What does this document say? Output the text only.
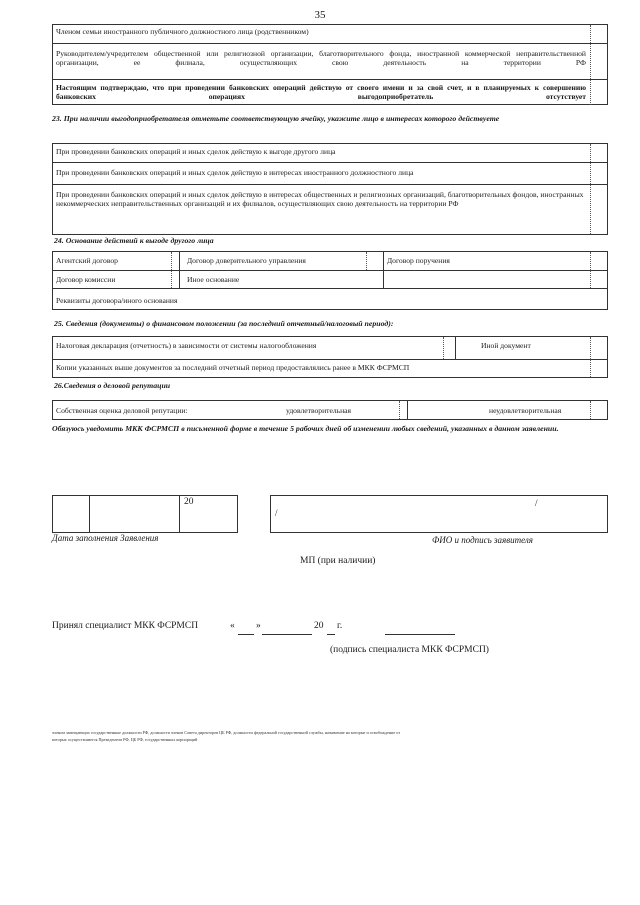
35
Членом семьи иностранного публичного должностного лица (родственником)
Руководителем/учредителем общественной или религиозной организации, благотворительного фонда, иностранной коммерческой неправительственной организации, ее филиала, осуществляющих свою деятельность на территории РФ
Настоящим подтверждаю, что при проведении банковских операций действую от своего имени и за свой счет, и в планируемых к совершению банковских операциях выгодоприобретатель отсутствует
23. При наличии выгодоприобретателя отметьте соответствующую ячейку, укажите лицо в интересах которого действуете
При проведении банковских операций и иных сделок действую к выгоде другого лица
При проведении банковских операций и иных сделок действую в интересах иностранного должностного лица
При проведении банковских операций и иных сделок действую в интересах общественных и религиозных организаций, благотворительных фондов, иностранных некоммерческих неправительственных организаций и их филиалов, осуществляющих свою деятельность на территории РФ
24. Основание действий к выгоде другого лица
Агентский договор	Договор доверительного управления	Договор поручения
Договор комиссии	Иное основание
Реквизиты договора/иного основания
25. Сведения (документы) о финансовом положении (за последний отчетный/налоговый период):
Налоговая декларация (отчетность) в зависимости от системы налогообложения	Иной документ
Копии указанных выше документов за последний отчетный период предоставлялись ранее в МКК ФСРМСП
26.Сведения о деловой репутации
Собственная оценка деловой репутации:	удовлетворительная	неудовлетворительная
Обязуюсь уведомить МКК ФСРМСП в письменной форме в течение 5 рабочих дней об изменении любых сведений, указанных в данном заявлении.
20
Дата заполнения Заявления
/
/
ФИО и подпись заявителя
МП (при наличии)
Принял специалист МКК ФСРМСП	« »	20 г.
(подпись специалиста МКК ФСРМСП)
членом замещающих государственные должности РФ, должности членов Совета директоров ЦБ РФ, должности федеральной государственной службы, назначение на которые и освобождение от
которых осуществляются Президентом РФ, ЦБ РФ, государственных корпораций
